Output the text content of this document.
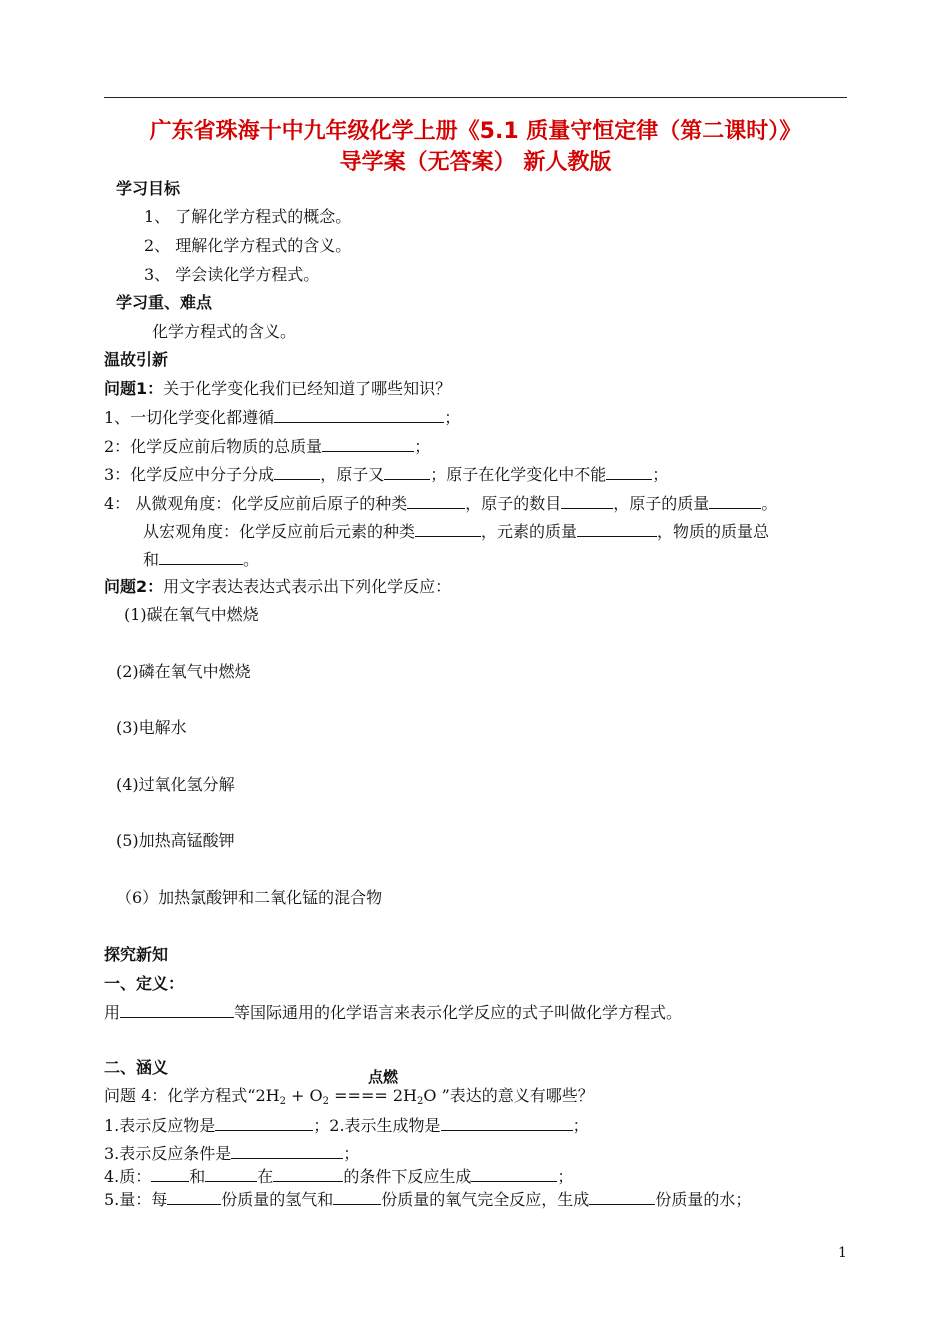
广东省珠海十中九年级化学上册《5.1 质量守恒定律（第二课时）》
导学案（无答案） 新人教版
学习目标
1、 了解化学方程式的概念。
2、 理解化学方程式的含义。
3、 学会读化学方程式。
学习重、难点
化学方程式的含义。
温故引新
问题1：关于化学变化我们已经知道了哪些知识？
1、一切化学变化都遵循	；
2：化学反应前后物质的总质量	；
3：化学反应中分子分成	，原子又	；原子在化学变化中不能	；
4： 从微观角度：化学反应前后原子的种类	，原子的数目	，原子的质量	。
从宏观角度：化学反应前后元素的种类	，元素的质量	，物质的质量总
和	。
问题2：用文字表达表达式表示出下列化学反应：
(1)碳在氧气中燃烧
(2)磷在氧气中燃烧
(3)电解水
(4)过氧化氢分解
(5)加热高锰酸钾
（6）加热氯酸钾和二氧化锰的混合物
探究新知
一、定义：
用	等国际通用的化学语言来表示化学反应的式子叫做化学方程式。
二、涵义	点燃
问题 4：化学方程式“$2H_2 + O_2$ ==== $2H_2O$ ”表达的意义有哪些？
1.表示反应物是	；2.表示生成物是	；
3.表示反应条件是	；
4.质： 和	在	的条件下反应生成	；
5.量：每	份质量的氢气和	份质量的氧气完全反应，生成	份质量的水；
1
